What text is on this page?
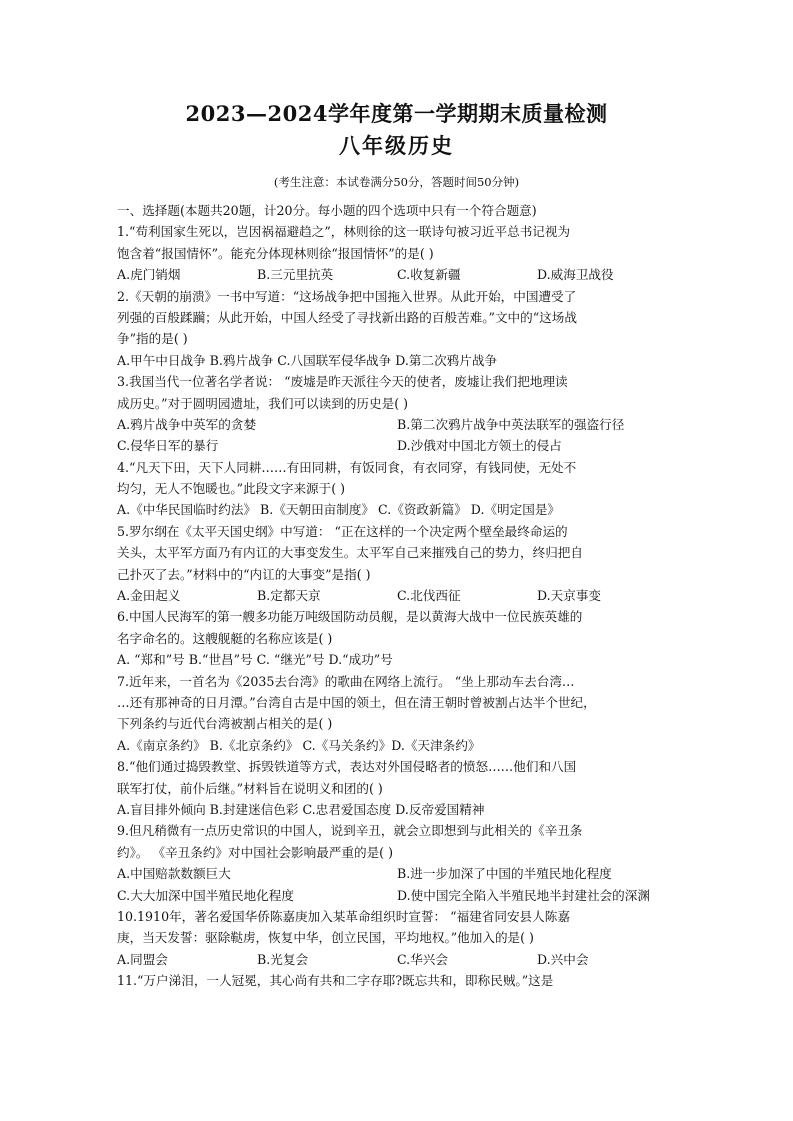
2023—2024学年度第一学期期末质量检测
八年级历史
(考生注意：本试卷满分50分，答题时间50分钟)
一、选择题(本题共20题，计20分。每小题的四个选项中只有一个符合题意)
1.“苟利国家生死以，岂因祸福避趋之”，林则徐的这一联诗句被习近平总书记视为
饱含着“报国情怀”。能充分体现林则徐“报国情怀”的是( )
A.虎门销烟	B.三元里抗英	C.收复新疆	D.威海卫战役
2.《天朝的崩溃》一书中写道：“这场战争把中国拖入世界。从此开始，中国遭受了
列强的百般蹂躏；从此开始，中国人经受了寻找新出路的百般苦难。”文中的“这场战
争”指的是( )
A.甲午中日战争 B.鸦片战争 C.八国联军侵华战争 D.第二次鸦片战争
3.我国当代一位著名学者说： “废墟是昨天派往今天的使者，废墟让我们把地理读
成历史。”对于圆明园遗址，我们可以读到的历史是( )
A.鸦片战争中英军的贪婪	B.第二次鸦片战争中英法联军的强盗行径
C.侵华日军的暴行	D.沙俄对中国北方领土的侵占
4.“凡天下田，天下人同耕……有田同耕，有饭同食，有衣同穿，有钱同使，无处不
均匀，无人不饱暖也。”此段文字来源于( )
A.《中华民国临时约法》 B.《天朝田亩制度》 C.《资政新篇》 D.《明定国是》
5.罗尔纲在《太平天国史纲》中写道： “正在这样的一个决定两个壁垒最终命运的
关头，太平军方面乃有内讧的大事变发生。太平军自己来摧残自己的势力，终归把自
己扑灭了去。”材料中的“内讧的大事变”是指( )
A.金田起义	B.定都天京	C.北伐西征	D.天京事变
6.中国人民海军的第一艘多功能万吨级国防动员舰，是以黄海大战中一位民族英雄的
名字命名的。这艘舰艇的名称应该是( )
A. “郑和”号 B.“世昌”号 C. “继光”号 D.“成功”号
7.近年来，一首名为《2035去台湾》的歌曲在网络上流行。 “坐上那动车去台湾…
…还有那神奇的日月潭。”台湾自古是中国的领土，但在清王朝时曾被割占达半个世纪，
下列条约与近代台湾被割占相关的是( )
A.《南京条约》 B.《北京条约》 C.《马关条约》D.《天津条约》
8.“他们通过捣毁教堂、拆毁铁道等方式，表达对外国侵略者的愤怒……他们和八国
联军打仗，前仆后继。”材料旨在说明义和团的( )
A.盲目排外倾向 B.封建迷信色彩 C.忠君爱国态度 D.反帝爱国精神
9.但凡稍微有一点历史常识的中国人，说到辛丑，就会立即想到与此相关的《辛丑条
约》。 《辛丑条约》对中国社会影响最严重的是( )
A.中国赔款数额巨大	B.进一步加深了中国的半殖民地化程度
C.大大加深中国半殖民地化程度	D.使中国完全陷入半殖民地半封建社会的深渊
10.1910年，著名爱国华侨陈嘉庚加入某革命组织时宣誓： “福建省同安县人陈嘉
庚，当天发誓：驱除鞑虏，恢复中华，创立民国，平均地权。”他加入的是( )
A.同盟会	B.光复会	C.华兴会	D.兴中会
11.“万户涕泪，一人冠冕，其心尚有共和二字存耶?既忘共和，即称民贼。”这是
